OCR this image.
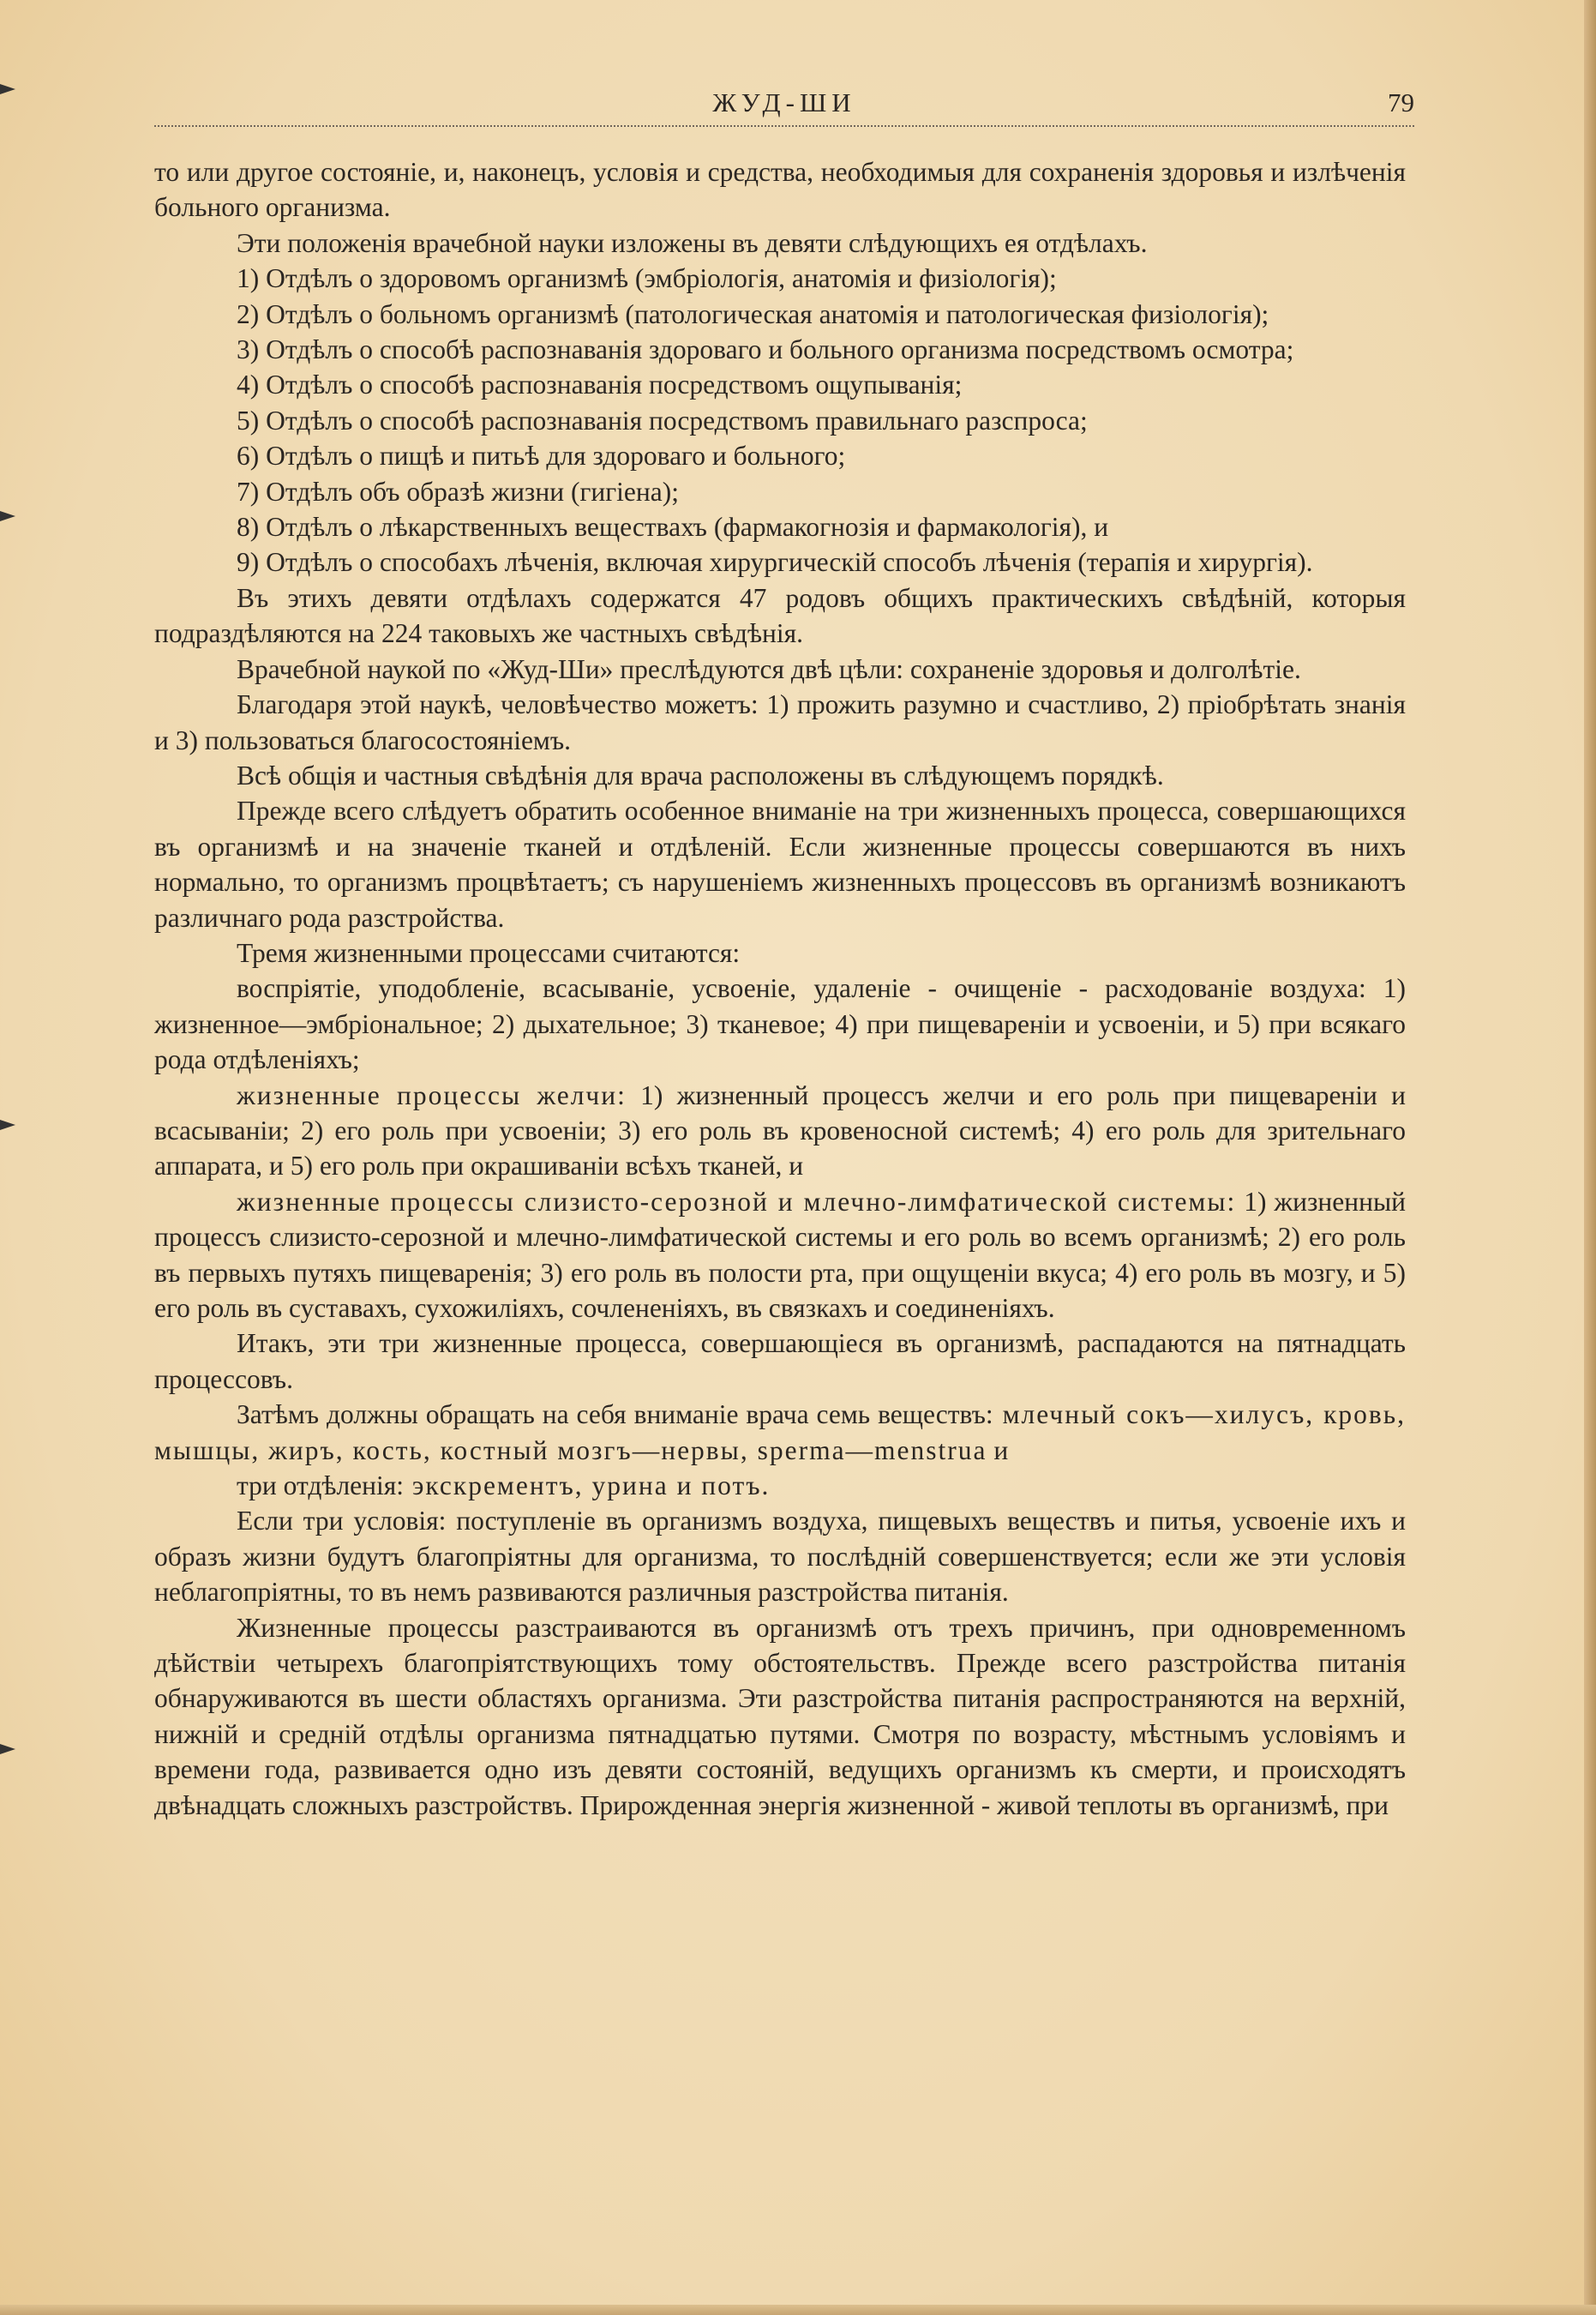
ЖУД-ШИ	79

то или другое состояніе, и, наконецъ, условія и средства, необходимыя для сохраненія здоровья и излѣченія больного организма.

Эти положенія врачебной науки изложены въ девяти слѣдующихъ ея отдѣлахъ.

1) Отдѣлъ о здоровомъ организмѣ (эмбріологія, анатомія и физіологія);

2) Отдѣлъ о больномъ организмѣ (патологическая анатомія и патологическая физіологія);

3) Отдѣлъ о способѣ распознаванія здороваго и больного организма посредствомъ осмотра;

4) Отдѣлъ о способѣ распознаванія посредствомъ ощупыванія;

5) Отдѣлъ о способѣ распознаванія посредствомъ правильнаго разспроса;

6) Отдѣлъ о пищѣ и питьѣ для здороваго и больного;

7) Отдѣлъ объ образѣ жизни (гигіена);

8) Отдѣлъ о лѣкарственныхъ веществахъ (фармакогнозія и фармакологія), и

9) Отдѣлъ о способахъ лѣченія, включая хирургическій способъ лѣченія (терапія и хирургія).

Въ этихъ девяти отдѣлахъ содержатся 47 родовъ общихъ практическихъ свѣдѣній, которыя подраздѣляются на 224 таковыхъ же частныхъ свѣдѣнія.

Врачебной наукой по «Жуд-Ши» преслѣдуются двѣ цѣли: сохраненіе здоровья и долголѣтіе.

Благодаря этой наукѣ, человѣчество можетъ: 1) прожить разумно и счастливо, 2) пріобрѣтать знанія и 3) пользоваться благосостояніемъ.

Всѣ общія и частныя свѣдѣнія для врача расположены въ слѣдующемъ порядкѣ.

Прежде всего слѣдуетъ обратить особенное вниманіе на три жизненныхъ процесса, совершающихся въ организмѣ и на значеніе тканей и отдѣленій. Если жизненные процессы совершаются въ нихъ нормально, то организмъ процвѣтаетъ; съ нарушеніемъ жизненныхъ процессовъ въ организмѣ возникаютъ различнаго рода разстройства.

Тремя жизненными процессами считаются:

воспріятіе, уподобленіе, всасываніе, усвоеніе, удаленіе - очищеніе - расходованіе воздуха: 1) жизненное—эмбріональное; 2) дыхательное; 3) тканевое; 4) при пищевареніи и усвоеніи, и 5) при всякаго рода отдѣленіяхъ;

жизненные процессы желчи: 1) жизненный процессъ желчи и его роль при пищевареніи и всасываніи; 2) его роль при усвоеніи; 3) его роль въ кровеносной системѣ; 4) его роль для зрительнаго аппарата, и 5) его роль при окрашиваніи всѣхъ тканей, и

жизненные процессы слизисто-серозной и млечно-лимфатической системы: 1) жизненный процессъ слизисто-серозной и млечно-лимфатической системы и его роль во всемъ организмѣ; 2) его роль въ первыхъ путяхъ пищеваренія; 3) его роль въ полости рта, при ощущеніи вкуса; 4) его роль въ мозгу, и 5) его роль въ суставахъ, сухожиліяхъ, сочлененіяхъ, въ связкахъ и соединеніяхъ.

Итакъ, эти три жизненные процесса, совершающіеся въ организмѣ, распадаются на пятнадцать процессовъ.

Затѣмъ должны обращать на себя вниманіе врача семь веществъ: млечный сокъ—хилусъ, кровь, мышцы, жиръ, кость, костный мозгъ—нервы, sperma—menstrua и

три отдѣленія: экскрементъ, урина и потъ.

Если три условія: поступленіе въ организмъ воздуха, пищевыхъ веществъ и питья, усвоеніе ихъ и образъ жизни будутъ благопріятны для организма, то послѣдній совершенствуется; если же эти условія неблагопріятны, то въ немъ развиваются различныя разстройства питанія.

Жизненные процессы разстраиваются въ организмѣ отъ трехъ причинъ, при одновременномъ дѣйствіи четырехъ благопріятствующихъ тому обстоятельствъ. Прежде всего разстройства питанія обнаруживаются въ шести областяхъ организма. Эти разстройства питанія распространяются на верхній, нижній и средній отдѣлы организма пятнадцатью путями. Смотря по возрасту, мѣстнымъ условіямъ и времени года, развивается одно изъ девяти состояній, ведущихъ организмъ къ смерти, и происходятъ двѣнадцать сложныхъ разстройствъ. Прирожденная энергія жизненной - живой теплоты въ организмѣ, при
